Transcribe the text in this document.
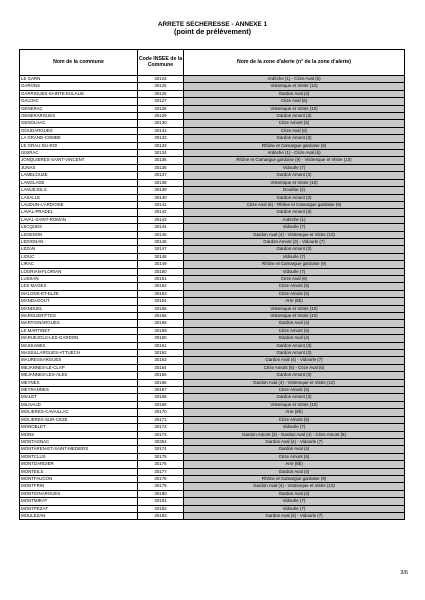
ARRETE SECHERESSE - ANNEXE 1
(point de prélèvement)
Nom de la commune	Code INSEE de la Commune	Nom de la zone d'alerte (n° de la zone d'alerte)
LE GARN	30124	Ardèche (1) - Cèze Aval (6)
GARONS	30125	Vistrenque et Vistre (10)
GARRIGUES-SAINTE-EULALIE	30126	Gardon Aval (4)
GAUJAC	30127	Cèze Aval (6)
GENERAC	30128	Vistrenque et Vistre (10)
GENERARGUES	30129	Gardon Amont (3)
GENOLHAC	30130	Cèze Amont (5)
GOUDARGUES	30131	Cèze Aval (6)
LA GRAND-COMBE	30132	Gardon Amont (3)
LE GRAU-DU-ROI	30133	Rhône et Camargue gardoise (9)
ISSIRAC	30134	Ardèche (1) - Cèze Aval (6)
JONQUIERES-SAINT-VINCENT	30135	Rhône et Camargue gardoise (9) - Vistrenque et Vistre (10)
JUNAS	30136	Vidourle (7)
LAMELOUZE	30137	Gardon Amont (3)
LANGLADE	30138	Vistrenque et Vistre (10)
LANUEJOLS	30139	Dourbie (2)
LASALLE	30140	Gardon Amont (3)
LAUDUN-L'ARDOISE	30141	Cèze Aval (6) - Rhône et Camargue gardoise (9)
LAVAL-PRADEL	30142	Gardon Amont (3)
LAVAL-SAINT-ROMAN	30143	Ardèche (1)
LECQUES	30144	Vidourle (7)
LEDENON	30145	Gardon Aval (4) - Vistrenque et Vistre (10)
LEDIGNAN	30146	Gardon Amont (3) - Vidourle (7)
LEZAN	30147	Gardon Amont (3)
LIOUC	30148	Vidourle (7)
LIRAC	30149	Rhône et Camargue gardoise (9)
LOGRIAN-FLORIAN	30150	Vidourle (7)
LUSSAN	30151	Cèze Aval (6)
LES MAGES	30152	Cèze Amont (5)
MALONS-ET-ELZE	30153	Cèze Amont (5)
MANDAGOUT	30154	Arre (8b)
MANDUEL	30155	Vistrenque et Vistre (10)
MARGUERITTES	30156	Vistrenque et Vistre (10)
MARTIGNARGUES	30158	Gardon Aval (4)
LE MARTINET	30159	Cèze Amont (5)
MARUEJOLS-LES-GARDON	30160	Gardon Aval (4)
MASSANES	30161	Gardon Amont (3)
MASSILLARGUES-ATTUECH	30162	Gardon Amont (3)
MAURESSARGUES	30163	Gardon Aval (4) - Vidourle (7)
MEJANNES-LE-CLAP	30164	Cèze Amont (5) - Cèze Aval (6)
MEJANNES-LES-ALES	30165	Gardon Amont (3)
MEYNES	30166	Gardon Aval (4) - Vistrenque et Vistre (10)
MEYRANNES	30167	Cèze Amont (5)
MIALET	30168	Gardon Amont (3)
MILHAUD	30169	Vistrenque et Vistre (10)
MOLIERES-CAVAILLAC	30170	Arre (8b)
MOLIERES-SUR-CEZE	30171	Cèze Amont (5)
MONOBLET	30172	Vidourle (7)
MONS	30173	Gardon Amont (3) - Gardon Aval (4) - Cèze Amont (5)
MONTAGNAC	30354	Gardon Aval (4) - Vidourle (7)
MONTAREN-ET-SAINT-MEDIERS	30174	Gardon Aval (4)
MONTCLUS	30175	Cèze Amont (5)
MONTDARDIER	30176	Arre (8b)
MONTEILS	30177	Gardon Aval (4)
MONTFAUCON	30178	Rhône et Camargue gardoise (9)
MONTFRIN	30179	Gardon Aval (4) - Vistrenque et Vistre (10)
MONTIGNARGUES	30180	Gardon Aval (4)
MONTMIRAT	30181	Vidourle (7)
MONTPEZAT	30182	Vidourle (7)
MOULEZAN	30183	Gardon Aval (4) - Vidourle (7)
3/6
